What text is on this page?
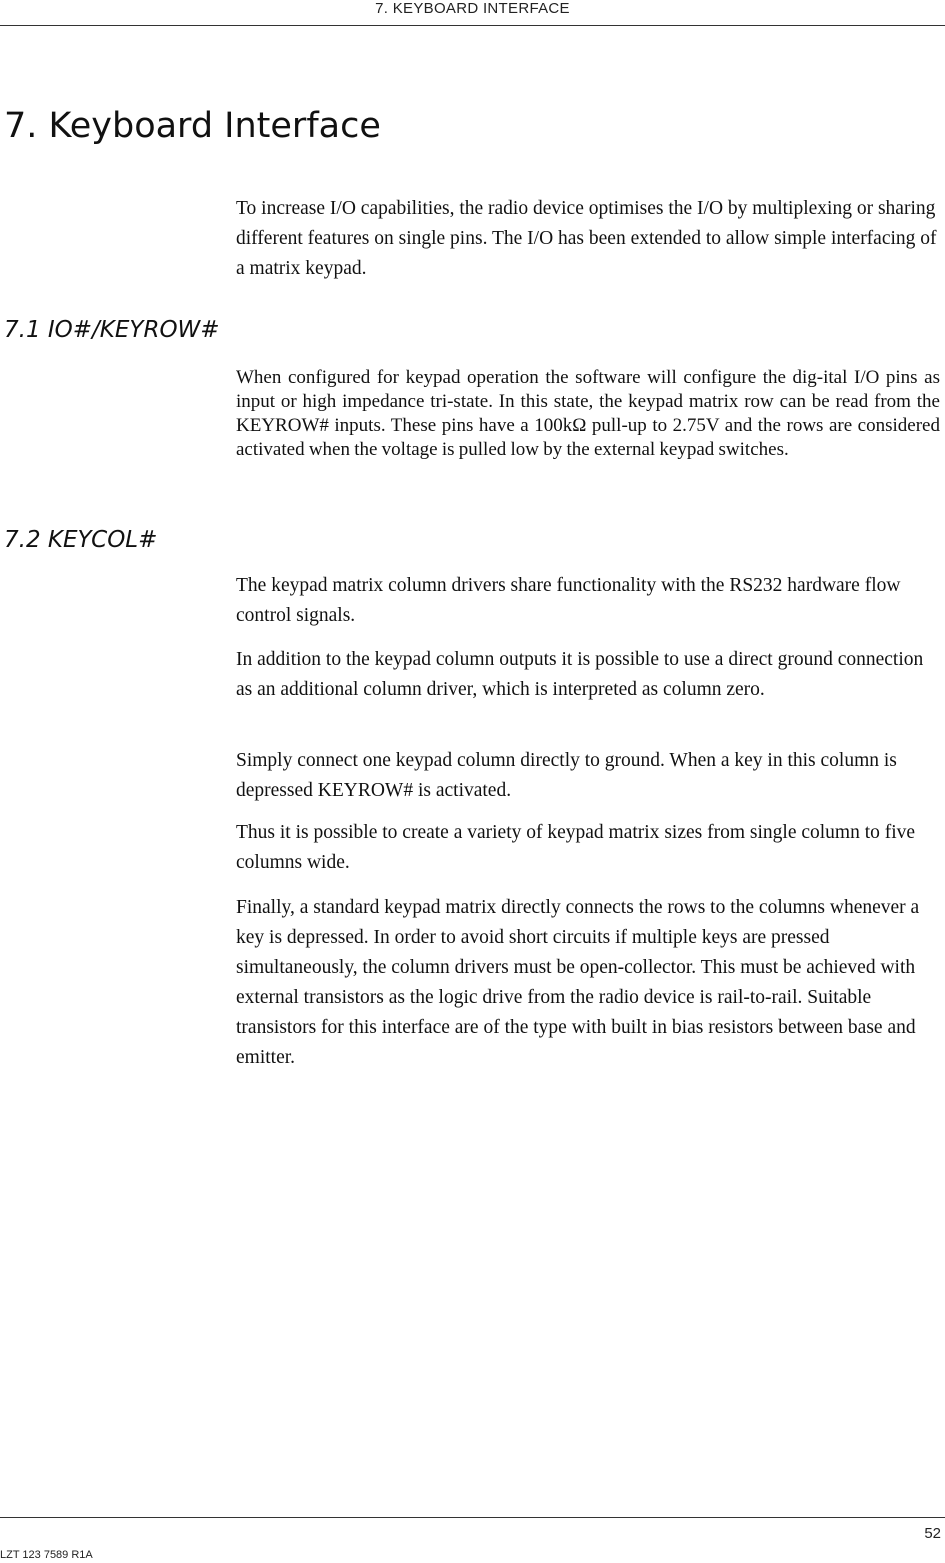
7. KEYBOARD INTERFACE
7. Keyboard Interface

To increase I/O capabilities, the radio device optimises the I/O by multiplexing or sharing different features on single pins. The I/O has been extended to allow simple interfacing of a matrix keypad.

7.1 IO#/KEYROW#

When configured for keypad operation the software will configure the dig-ital I/O pins as input or high impedance tri-state. In this state, the keypad matrix row can be read from the KEYROW# inputs. These pins have a 100kΩ pull-up to 2.75V and the rows are considered activated when the voltage is pulled low by the external keypad switches.

7.2 KEYCOL#

The keypad matrix column drivers share functionality with the RS232 hardware flow control signals.

In addition to the keypad column outputs it is possible to use a direct ground connection as an additional column driver, which is interpreted as column zero.

Simply connect one keypad column directly to ground. When a key in this column is depressed KEYROW# is activated.

Thus it is possible to create a variety of keypad matrix sizes from single column to five columns wide.

Finally, a standard keypad matrix directly connects the rows to the columns whenever a key is depressed. In order to avoid short circuits if multiple keys are pressed simultaneously, the column drivers must be open-collector. This must be achieved with external transistors as the logic drive from the radio device is rail-to-rail. Suitable transistors for this interface are of the type with built in bias resistors between base and emitter.

52
LZT 123 7589 R1A
